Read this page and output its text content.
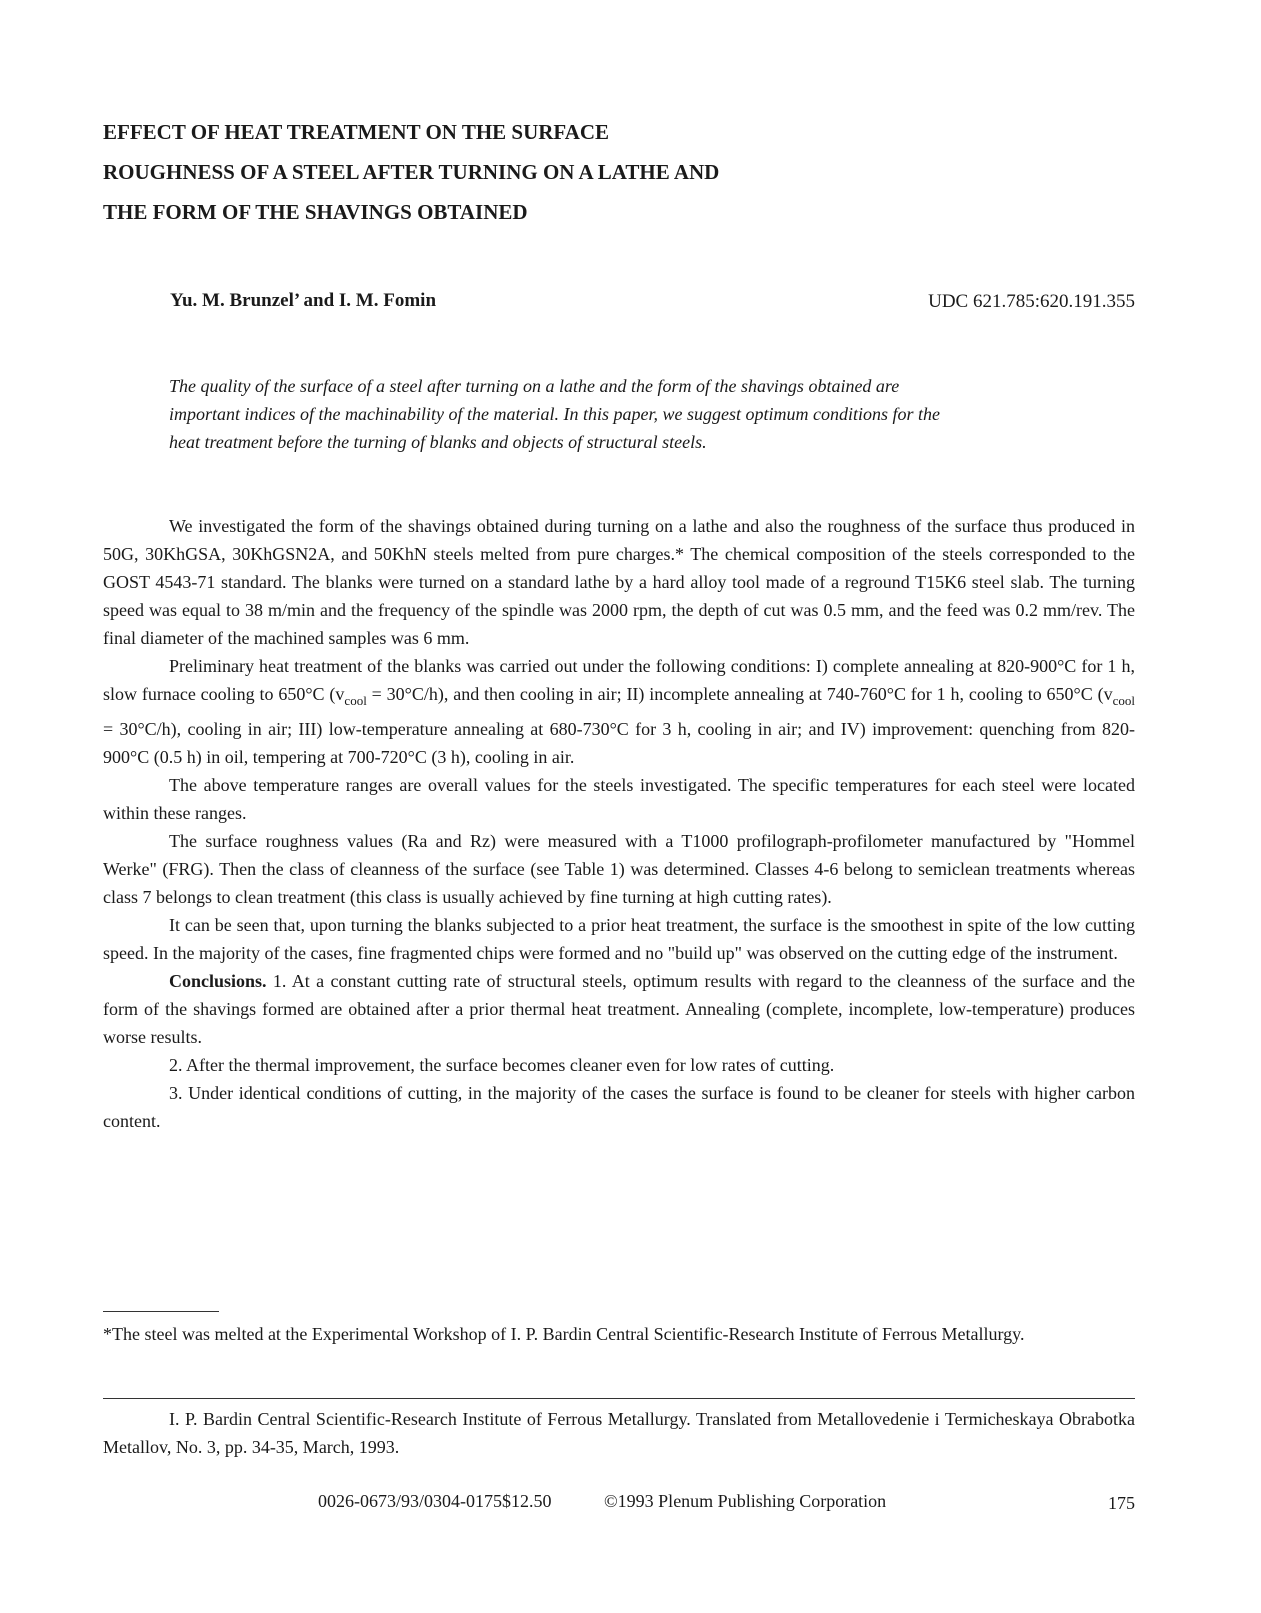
EFFECT OF HEAT TREATMENT ON THE SURFACE
ROUGHNESS OF A STEEL AFTER TURNING ON A LATHE AND
THE FORM OF THE SHAVINGS OBTAINED
Yu. M. Brunzel’ and I. M. Fomin	UDC 621.785:620.191.355
The quality of the surface of a steel after turning on a lathe and the form of the shavings obtained are
important indices of the machinability of the material. In this paper, we suggest optimum conditions for the
heat treatment before the turning of blanks and objects of structural steels.

We investigated the form of the shavings obtained during turning on a lathe and also the roughness of the surface thus produced in 50G, 30KhGSA, 30KhGSN2A, and 50KhN steels melted from pure charges.* The chemical composition of the steels corresponded to the GOST 4543-71 standard. The blanks were turned on a standard lathe by a hard alloy tool made of a reground T15K6 steel slab. The turning speed was equal to 38 m/min and the frequency of the spindle was 2000 rpm, the depth of cut was 0.5 mm, and the feed was 0.2 mm/rev. The final diameter of the machined samples was 6 mm.

Preliminary heat treatment of the blanks was carried out under the following conditions: I) complete annealing at 820-900°C for 1 h, slow furnace cooling to 650°C $(v_{cool} = 30^\circ C/h)$, and then cooling in air; II) incomplete annealing at 740-760°C for 1 h, cooling to 650°C $(v_{cool} = 30^\circ C/h)$, cooling in air; III) low-temperature annealing at 680-730°C for 3 h, cooling in air; and IV) improvement: quenching from 820-900°C (0.5 h) in oil, tempering at 700-720°C (3 h), cooling in air.

The above temperature ranges are overall values for the steels investigated. The specific temperatures for each steel were located within these ranges.

The surface roughness values (Ra and Rz) were measured with a T1000 profilograph-profilometer manufactured by "Hommel Werke" (FRG). Then the class of cleanness of the surface (see Table 1) was determined. Classes 4-6 belong to semiclean treatments whereas class 7 belongs to clean treatment (this class is usually achieved by fine turning at high cutting rates).

It can be seen that, upon turning the blanks subjected to a prior heat treatment, the surface is the smoothest in spite of the low cutting speed. In the majority of the cases, fine fragmented chips were formed and no "build up" was observed on the cutting edge of the instrument.

Conclusions. 1. At a constant cutting rate of structural steels, optimum results with regard to the cleanness of the surface and the form of the shavings formed are obtained after a prior thermal heat treatment. Annealing (complete, incomplete, low-temperature) produces worse results.

2. After the thermal improvement, the surface becomes cleaner even for low rates of cutting.

3. Under identical conditions of cutting, in the majority of the cases the surface is found to be cleaner for steels with higher carbon content.

*The steel was melted at the Experimental Workshop of I. P. Bardin Central Scientific-Research Institute of Ferrous Metallurgy.
I. P. Bardin Central Scientific-Research Institute of Ferrous Metallurgy. Translated from Metallovedenie i Termicheskaya Obrabotka Metallov, No. 3, pp. 34-35, March, 1993.
0026-0673/93/0304-0175$12.50	©1993 Plenum Publishing Corporation	175
